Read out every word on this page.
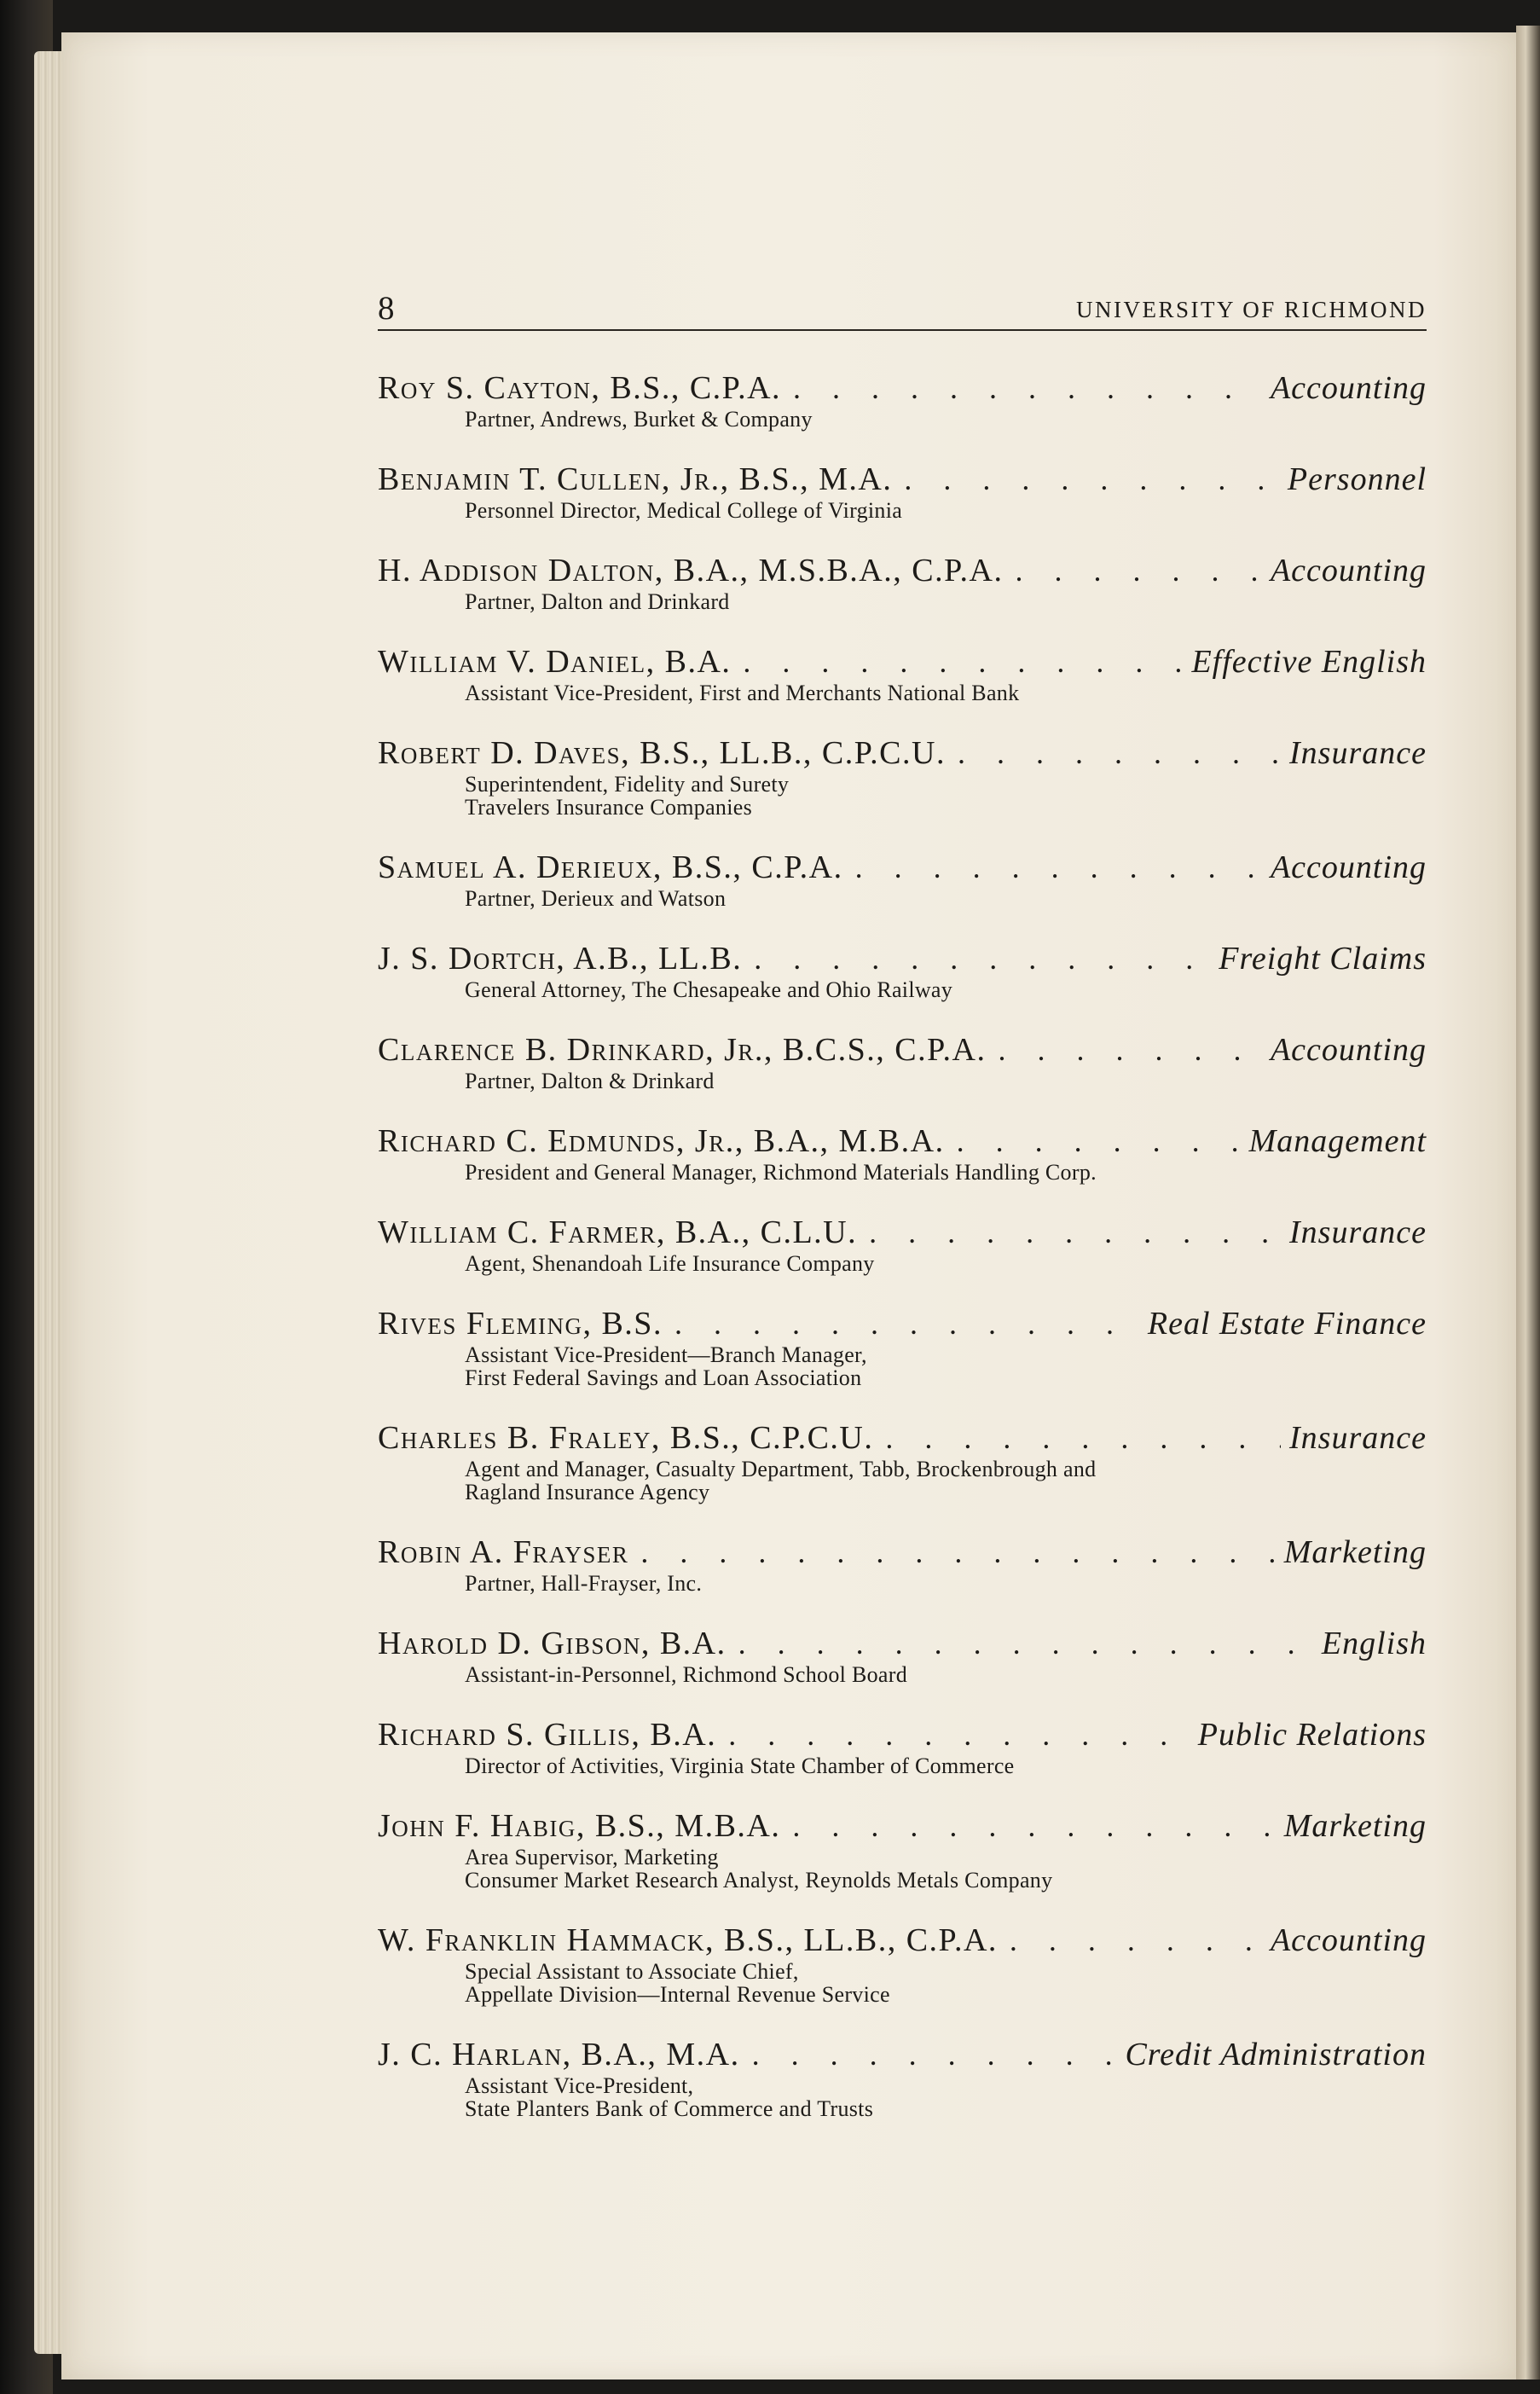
8	UNIVERSITY OF RICHMOND
Roy S. Cayton, B.S., C.P.A. . . .	Accounting
Partner, Andrews, Burket & Company
Benjamin T. Cullen, Jr., B.S., M.A. . . .	Personnel
Personnel Director, Medical College of Virginia
H. Addison Dalton, B.A., M.S.B.A., C.P.A. . . .	Accounting
Partner, Dalton and Drinkard
William V. Daniel, B.A. . . .	Effective English
Assistant Vice-President, First and Merchants National Bank
Robert D. Daves, B.S., LL.B., C.P.C.U. . . .	Insurance
Superintendent, Fidelity and Surety
Travelers Insurance Companies
Samuel A. Derieux, B.S., C.P.A. . . .	Accounting
Partner, Derieux and Watson
J. S. Dortch, A.B., LL.B. . . .	Freight Claims
General Attorney, The Chesapeake and Ohio Railway
Clarence B. Drinkard, Jr., B.C.S., C.P.A. . . .	Accounting
Partner, Dalton & Drinkard
Richard C. Edmunds, Jr., B.A., M.B.A. . . .	Management
President and General Manager, Richmond Materials Handling Corp.
William C. Farmer, B.A., C.L.U. . . .	Insurance
Agent, Shenandoah Life Insurance Company
Rives Fleming, B.S. . . .	Real Estate Finance
Assistant Vice-President—Branch Manager,
First Federal Savings and Loan Association
Charles B. Fraley, B.S., C.P.C.U. . . .	Insurance
Agent and Manager, Casualty Department, Tabb, Brockenbrough and
Ragland Insurance Agency
Robin A. Frayser . . .	Marketing
Partner, Hall-Frayser, Inc.
Harold D. Gibson, B.A. . . .	English
Assistant-in-Personnel, Richmond School Board
Richard S. Gillis, B.A. . . .	Public Relations
Director of Activities, Virginia State Chamber of Commerce
John F. Habig, B.S., M.B.A. . . .	Marketing
Area Supervisor, Marketing
Consumer Market Research Analyst, Reynolds Metals Company
W. Franklin Hammack, B.S., LL.B., C.P.A. . . .	Accounting
Special Assistant to Associate Chief,
Appellate Division—Internal Revenue Service
J. C. Harlan, B.A., M.A. . . .	Credit Administration
Assistant Vice-President,
State Planters Bank of Commerce and Trusts
